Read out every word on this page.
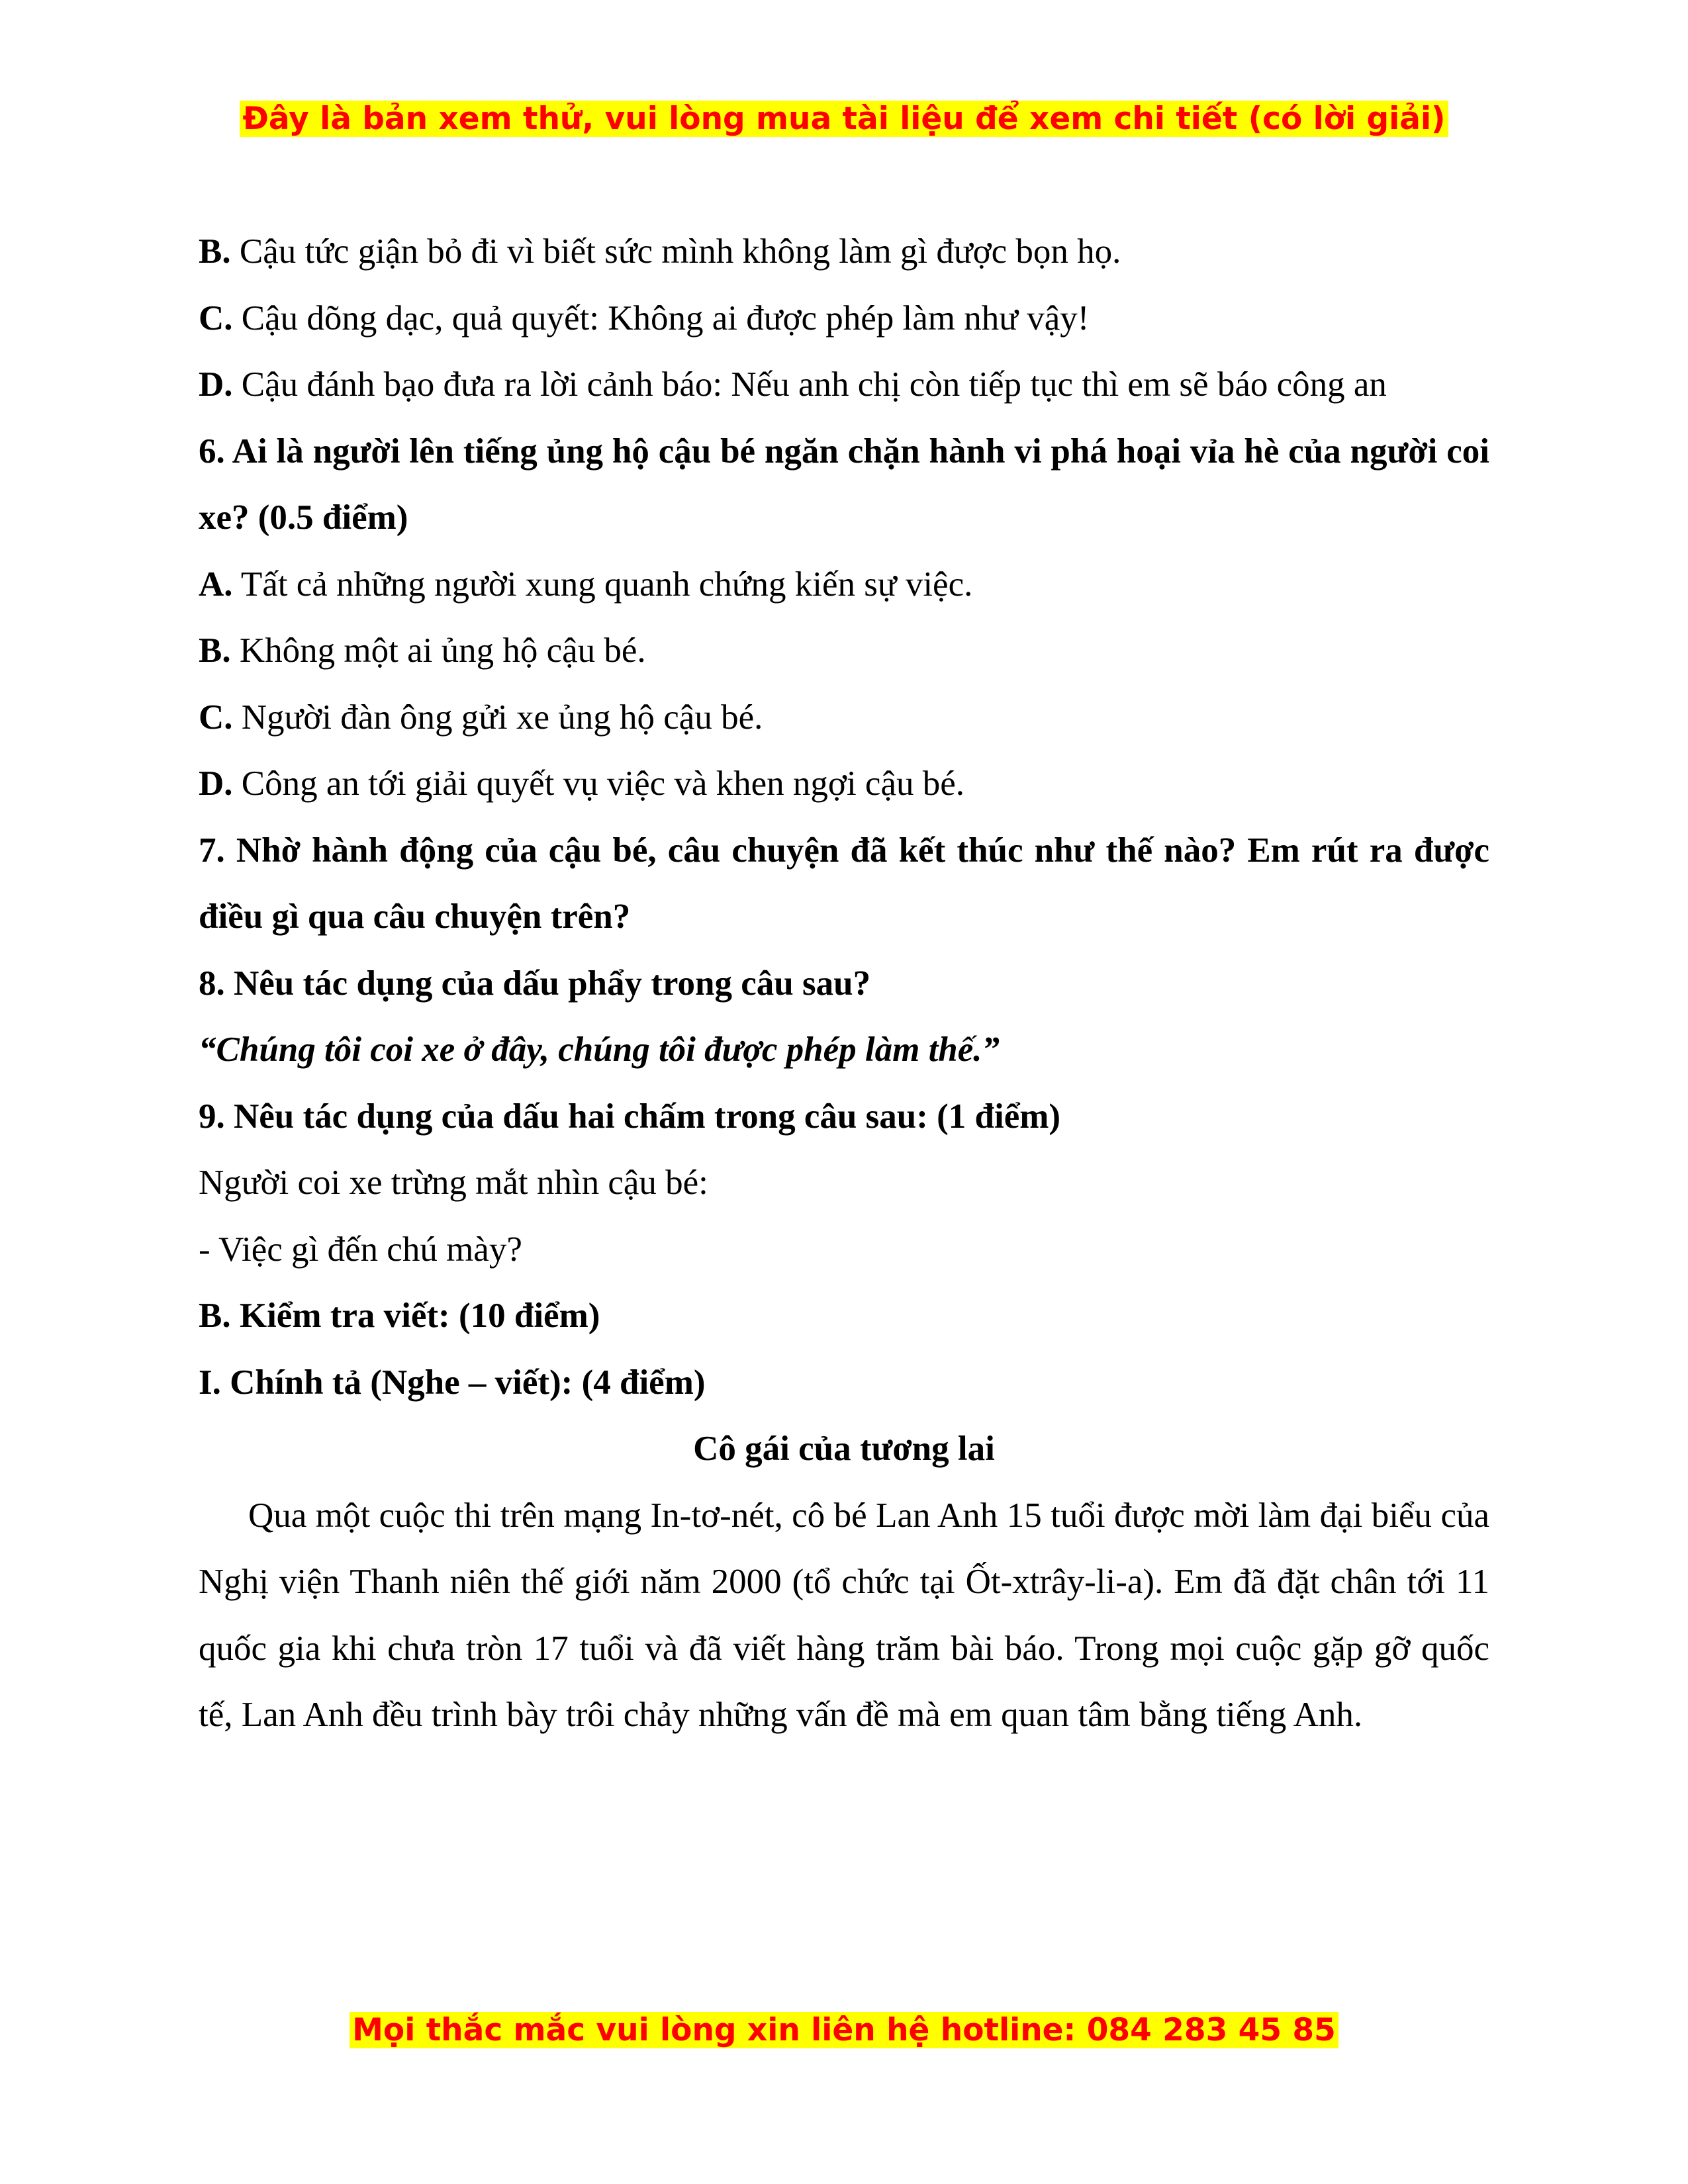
Đây là bản xem thử, vui lòng mua tài liệu để xem chi tiết (có lời giải)

B. Cậu tức giận bỏ đi vì biết sức mình không làm gì được bọn họ.

C. Cậu dõng dạc, quả quyết: Không ai được phép làm như vậy!

D. Cậu đánh bạo đưa ra lời cảnh báo: Nếu anh chị còn tiếp tục thì em sẽ báo công an

6. Ai là người lên tiếng ủng hộ cậu bé ngăn chặn hành vi phá hoại vỉa hè của người coi xe? (0.5 điểm)

A. Tất cả những người xung quanh chứng kiến sự việc.

B. Không một ai ủng hộ cậu bé.

C. Người đàn ông gửi xe ủng hộ cậu bé.

D. Công an tới giải quyết vụ việc và khen ngợi cậu bé.

7. Nhờ hành động của cậu bé, câu chuyện đã kết thúc như thế nào? Em rút ra được điều gì qua câu chuyện trên?

8. Nêu tác dụng của dấu phẩy trong câu sau?

“Chúng tôi coi xe ở đây, chúng tôi được phép làm thế.”

9. Nêu tác dụng của dấu hai chấm trong câu sau: (1 điểm)

Người coi xe trừng mắt nhìn cậu bé:

- Việc gì đến chú mày?

B. Kiểm tra viết: (10 điểm)

I. Chính tả (Nghe – viết): (4 điểm)

Cô gái của tương lai

Qua một cuộc thi trên mạng In-tơ-nét, cô bé Lan Anh 15 tuổi được mời làm đại biểu của Nghị viện Thanh niên thế giới năm 2000 (tổ chức tại Ốt-xtrây-li-a). Em đã đặt chân tới 11 quốc gia khi chưa tròn 17 tuổi và đã viết hàng trăm bài báo. Trong mọi cuộc gặp gỡ quốc tế, Lan Anh đều trình bày trôi chảy những vấn đề mà em quan tâm bằng tiếng Anh.

Mọi thắc mắc vui lòng xin liên hệ hotline: 084 283 45 85
